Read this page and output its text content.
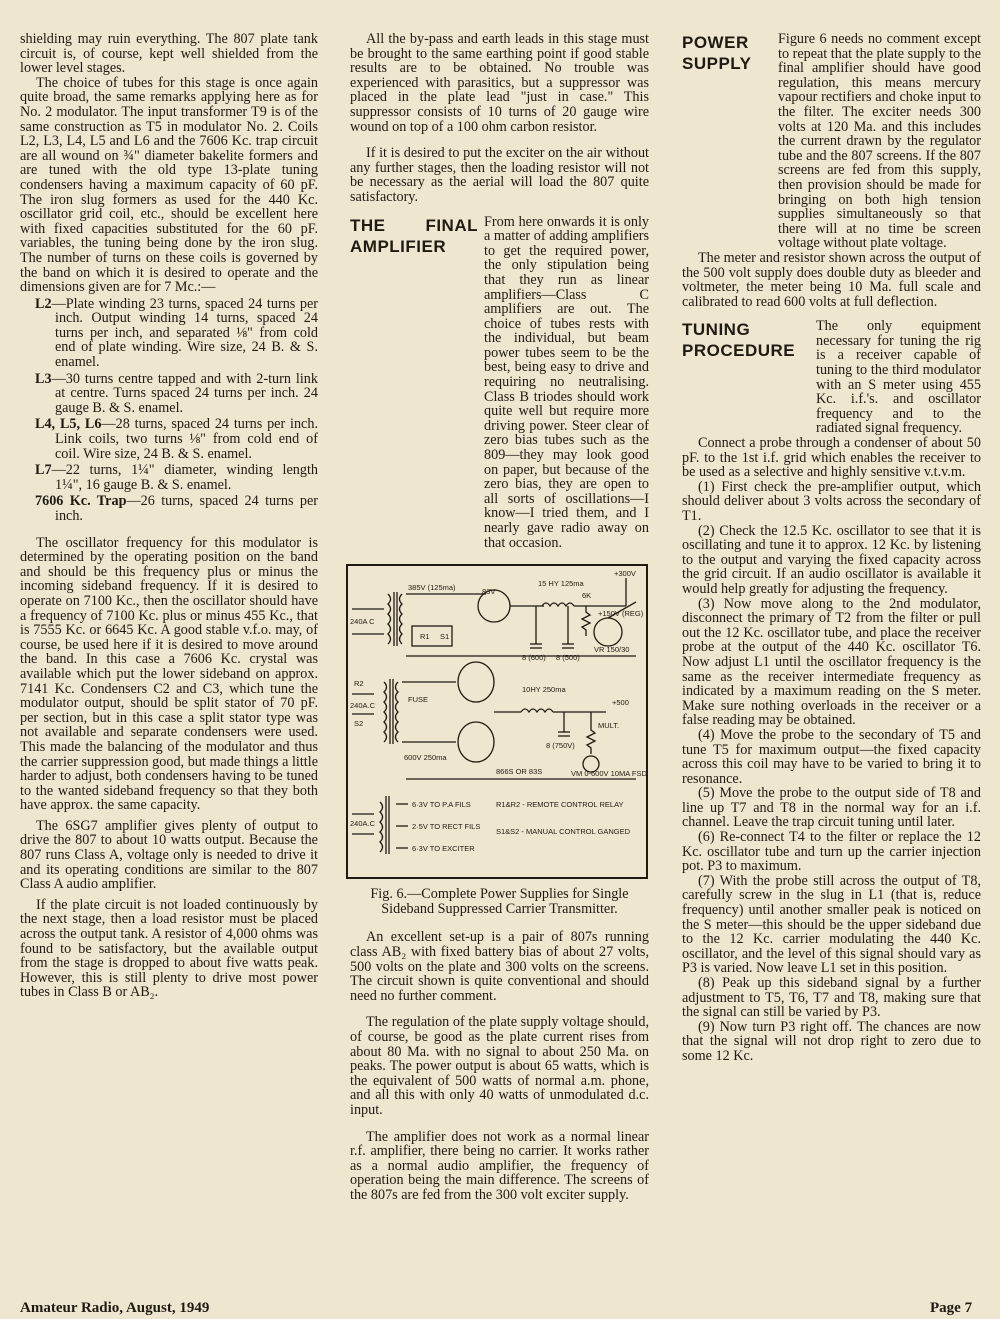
shielding may ruin everything. The 807 plate tank circuit is, of course, kept well shielded from the lower level stages.

The choice of tubes for this stage is once again quite broad, the same remarks applying here as for No. 2 modulator. The input transformer T9 is of the same construction as T5 in modulator No. 2. Coils L2, L3, L4, L5 and L6 and the 7606 Kc. trap circuit are all wound on ¾" diameter bakelite formers and are tuned with the old type 13-plate tuning condensers having a maximum capacity of 60 pF. The iron slug formers as used for the 440 Kc. oscillator grid coil, etc., should be excellent here with fixed capacities substituted for the 60 pF. variables, the tuning being done by the iron slug. The number of turns on these coils is governed by the band on which it is desired to operate and the dimensions given are for 7 Mc.:—

L2—Plate winding 23 turns, spaced 24 turns per inch. Output winding 14 turns, spaced 24 turns per inch, and separated ⅛" from cold end of plate winding. Wire size, 24 B. & S. enamel.

L3—30 turns centre tapped and with 2-turn link at centre. Turns spaced 24 turns per inch. 24 gauge B. & S. enamel.

L4, L5, L6—28 turns, spaced 24 turns per inch. Link coils, two turns ⅛" from cold end of coil. Wire size, 24 B. & S. enamel.

L7—22 turns, 1¼" diameter, winding length 1¼", 16 gauge B. & S. enamel.

7606 Kc. Trap—26 turns, spaced 24 turns per inch.

The oscillator frequency for this modulator is determined by the operating position on the band and should be this frequency plus or minus the incoming sideband frequency. If it is desired to operate on 7100 Kc., then the oscillator should have a frequency of 7100 Kc. plus or minus 455 Kc., that is 7555 Kc. or 6645 Kc. A good stable v.f.o. may, of course, be used here if it is desired to move around the band. In this case a 7606 Kc. crystal was available which put the lower sideband on approx. 7141 Kc. Condensers C2 and C3, which tune the modulator output, should be split stator of 70 pF. per section, but in this case a split stator type was not available and separate condensers were used. This made the balancing of the modulator and thus the carrier suppression good, but made things a little harder to adjust, both condensers having to be tuned to the wanted sideband frequency so that they both have approx. the same capacity.

The 6SG7 amplifier gives plenty of output to drive the 807 to about 10 watts output. Because the 807 runs Class A, voltage only is needed to drive it and its operating conditions are similar to the 807 Class A audio amplifier.

If the plate circuit is not loaded continuously by the next stage, then a load resistor must be placed across the output tank. A resistor of 4,000 ohms was found to be satisfactory, but the available output from the stage is dropped to about five watts peak. However, this is still plenty to drive most power tubes in Class B or AB₂.

All the by-pass and earth leads in this stage must be brought to the same earthing point if good stable results are to be obtained. No trouble was experienced with parasitics, but a suppressor was placed in the plate lead "just in case." This suppressor consists of 10 turns of 20 gauge wire wound on top of a 100 ohm carbon resistor.

If it is desired to put the exciter on the air without any further stages, then the loading resistor will not be necessary as the aerial will load the 807 quite satisfactory.

THE FINAL AMPLIFIER
From here onwards it is only a matter of adding amplifiers to get the required power, the only stipulation being that they run as linear amplifiers—Class C amplifiers are out. The choice of tubes rests with the individual, but beam power tubes seem to be the best, being easy to drive and requiring no neutralising. Class B triodes should work quite well but require more driving power. Steer clear of zero bias tubes such as the 809—they may look good on paper, but because of the zero bias, they are open to all sorts of oscillations—I know—I tried them, and I nearly gave radio away on that occasion.
+300V
15 HY 125ma
6K
+150V (REG)
385V (125ma)	83V
8 (600) 8 (500)
VR 150/30
240A C
R1 S1
10HY 250ma
+500
FUSE
600V 250ma
8 (750V)
MULT.
VM 0-600V 10MA FSD
866S OR 83S
240A.C
R2
S2
240A.C
6·3V TO P.A FILS
2·5V TO RECT FILS
6·3V TO EXCITER
R1&R2 - REMOTE CONTROL RELAY
S1&S2 - MANUAL CONTROL GANGED

Fig. 6.—Complete Power Supplies for Single Sideband Suppressed Carrier Transmitter.

An excellent set-up is a pair of 807s running class AB₂ with fixed battery bias of about 27 volts, 500 volts on the plate and 300 volts on the screens. The circuit shown is quite conventional and should need no further comment.

The regulation of the plate supply voltage should, of course, be good as the plate current rises from about 80 Ma. with no signal to about 250 Ma. on peaks. The power output is about 65 watts, which is the equivalent of 500 watts of normal a.m. phone, and all this with only 40 watts of unmodulated d.c. input.

The amplifier does not work as a normal linear r.f. amplifier, there being no carrier. It works rather as a normal audio amplifier, the frequency of operation being the main difference. The screens of the 807s are fed from the 300 volt exciter supply.

POWER SUPPLY
Figure 6 needs no comment except to repeat that the plate supply to the final amplifier should have good regulation, this means mercury vapour rectifiers and choke input to the filter. The exciter needs 300 volts at 120 Ma. and this includes the current drawn by the regulator tube and the 807 screens. If the 807 screens are fed from this supply, then provision should be made for bringing on both high tension supplies simultaneously so that there will at no time be screen voltage without plate voltage.

The meter and resistor shown across the output of the 500 volt supply does double duty as bleeder and voltmeter, the meter being 10 Ma. full scale and calibrated to read 600 volts at full deflection.

TUNING PROCEDURE
The only equipment necessary for tuning the rig is a receiver capable of tuning to the third modulator with an S meter using 455 Kc. i.f.'s. and oscillator frequency and to the radiated signal frequency.

Connect a probe through a condenser of about 50 pF. to the 1st i.f. grid which enables the receiver to be used as a selective and highly sensitive v.t.v.m.

(1) First check the pre-amplifier output, which should deliver about 3 volts across the secondary of T1.

(2) Check the 12.5 Kc. oscillator to see that it is oscillating and tune it to approx. 12 Kc. by listening to the output and varying the fixed capacity across the grid circuit. If an audio oscillator is available it would help greatly for adjusting the frequency.

(3) Now move along to the 2nd modulator, disconnect the primary of T2 from the filter or pull out the 12 Kc. oscillator tube, and place the receiver probe at the output of the 440 Kc. oscillator T6. Now adjust L1 until the oscillator frequency is the same as the receiver intermediate frequency as indicated by a maximum reading on the S meter. Make sure nothing overloads in the receiver or a false reading may be obtained.

(4) Move the probe to the secondary of T5 and tune T5 for maximum output—the fixed capacity across this coil may have to be varied to bring it to resonance.

(5) Move the probe to the output side of T8 and line up T7 and T8 in the normal way for an i.f. channel. Leave the trap circuit tuning until later.

(6) Re-connect T4 to the filter or replace the 12 Kc. oscillator tube and turn up the carrier injection pot. P3 to maximum.

(7) With the probe still across the output of T8, carefully screw in the slug in L1 (that is, reduce frequency) until another smaller peak is noticed on the S meter—this should be the upper sideband due to the 12 Kc. carrier modulating the 440 Kc. oscillator, and the level of this signal should vary as P3 is varied. Now leave L1 set in this position.

(8) Peak up this sideband signal by a further adjustment to T5, T6, T7 and T8, making sure that the signal can still be varied by P3.

(9) Now turn P3 right off. The chances are now that the signal will not drop right to zero due to some 12 Kc.

Amateur Radio, August, 1949	Page 7
